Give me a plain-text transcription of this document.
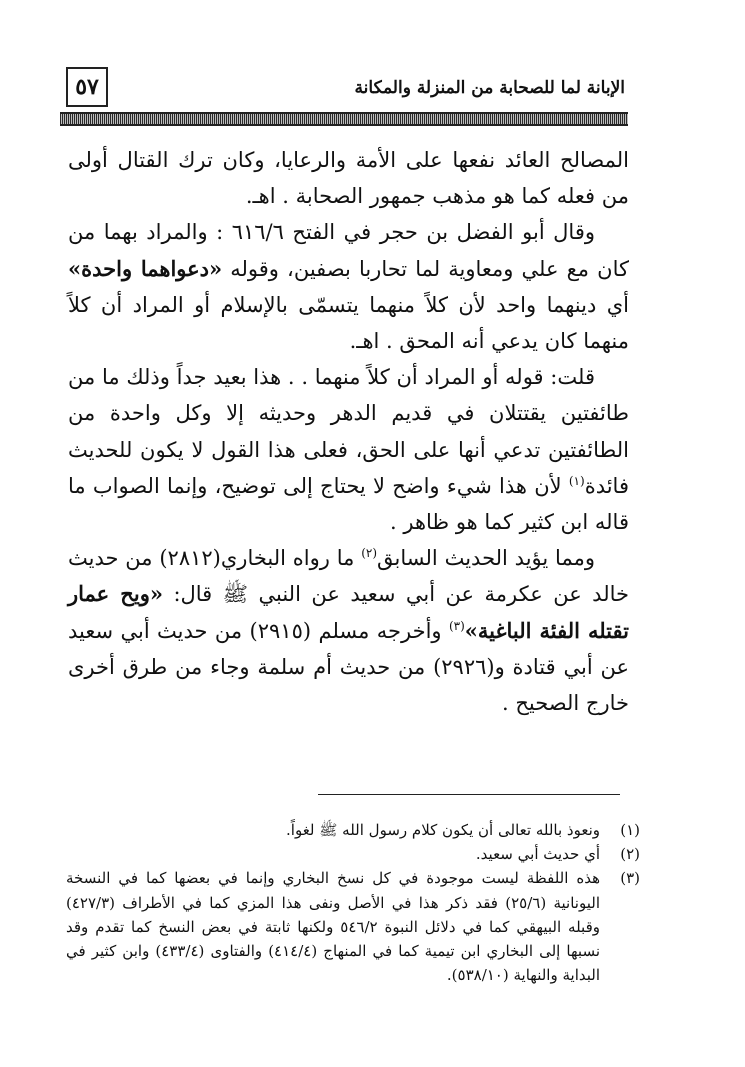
٥٧	الإبانة لما للصحابة من المنزلة والمكانة

المصالح العائد نفعها على الأمة والرعايا، وكان ترك القتال أولى من فعله كما هو مذهب جمهور الصحابة . اهـ.

وقال أبو الفضل بن حجر في الفتح ٦١٦/٦ : والمراد بهما من كان مع علي ومعاوية لما تحاربا بصفين، وقوله «دعواهما واحدة» أي دينهما واحد لأن كلاً منهما يتسمّى بالإسلام أو المراد أن كلاً منهما كان يدعي أنه المحق . اهـ.

قلت: قوله أو المراد أن كلاً منهما . . هذا بعيد جداً وذلك ما من طائفتين يقتتلان في قديم الدهر وحديثه إلا وكل واحدة من الطائفتين تدعي أنها على الحق، فعلى هذا القول لا يكون للحديث فائدة$^{(١)}$ لأن هذا شيء واضح لا يحتاج إلى توضيح، وإنما الصواب ما قاله ابن كثير كما هو ظاهر .

ومما يؤيد الحديث السابق$^{(٢)}$ ما رواه البخاري(٢٨١٢) من حديث خالد عن عكرمة عن أبي سعيد عن النبي ﷺ قال: «ويح عمار تقتله الفئة الباغية»$^{(٣)}$ وأخرجه مسلم (٢٩١٥) من حديث أبي سعيد عن أبي قتادة و(٢٩٢٦) من حديث أم سلمة وجاء من طرق أخرى خارج الصحيح .

(١)
ونعوذ بالله تعالى أن يكون كلام رسول الله ﷺ لغواً.
(٢)
أي حديث أبي سعيد.
(٣)
هذه اللفظة ليست موجودة في كل نسخ البخاري وإنما في بعضها كما في النسخة اليونانية (٢٥/٦) فقد ذكر هذا في الأصل ونفى هذا المزي كما في الأطراف (٤٢٧/٣) وقبله البيهقي كما في دلائل النبوة ٥٤٦/٢ ولكنها ثابتة في بعض النسخ كما تقدم وقد نسبها إلى البخاري ابن تيمية كما في المنهاج (٤١٤/٤) والفتاوى (٤٣٣/٤) وابن كثير في البداية والنهاية (٥٣٨/١٠).
